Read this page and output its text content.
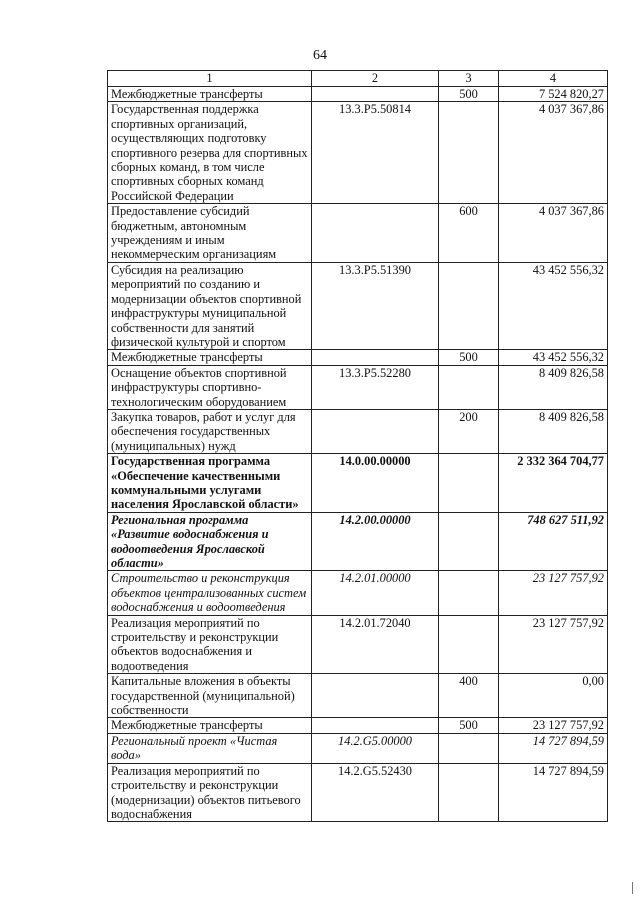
64
1	2	3	4
Межбюджетные трансферты		500	7 524 820,27
Государственная поддержка спортивных организаций, осуществляющих подготовку спортивного резерва для спортивных сборных команд, в том числе спортивных сборных команд Российской Федерации	13.3.P5.50814		4 037 367,86
Предоставление субсидий бюджетным, автономным учреждениям и иным некоммерческим организациям		600	4 037 367,86
Субсидия на реализацию мероприятий по созданию и модернизации объектов спортивной инфраструктуры муниципальной собственности для занятий физической культурой и спортом	13.3.P5.51390		43 452 556,32
Межбюджетные трансферты		500	43 452 556,32
Оснащение объектов спортивной инфраструктуры спортивно-технологическим оборудованием	13.3.P5.52280		8 409 826,58
Закупка товаров, работ и услуг для обеспечения государственных (муниципальных) нужд		200	8 409 826,58
Государственная программа «Обеспечение качественными коммунальными услугами населения Ярославской области»	14.0.00.00000		2 332 364 704,77
Региональная программа «Развитие водоснабжения и водоотведения Ярославской области»	14.2.00.00000		748 627 511,92
Строительство и реконструкция объектов централизованных систем водоснабжения и водоотведения	14.2.01.00000		23 127 757,92
Реализация мероприятий по строительству и реконструкции объектов водоснабжения и водоотведения	14.2.01.72040		23 127 757,92
Капитальные вложения в объекты государственной (муниципальной) собственности		400	0,00
Межбюджетные трансферты		500	23 127 757,92
Региональный проект «Чистая вода»	14.2.G5.00000		14 727 894,59
Реализация мероприятий по строительству и реконструкции (модернизации) объектов питьевого водоснабжения	14.2.G5.52430		14 727 894,59
